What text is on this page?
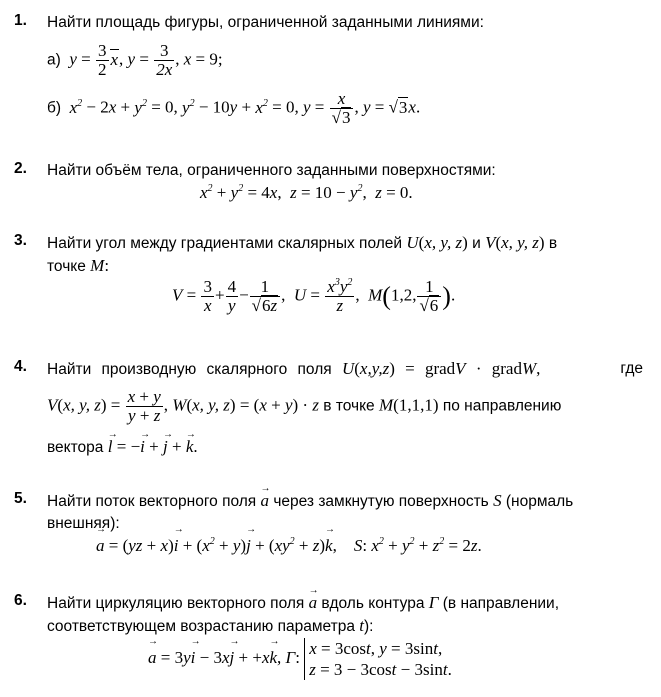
1. Найти площадь фигуры, ограниченной заданными линиями:
а)  $y = \frac{3}{2} x$, $y = \frac{3}{2x}$ , x = 9;
б)  $x^2 - 2x + y^2 = 0$, $y^2 - 10y + x^2 = 0$, $y = \frac{x}{√3}$ , y = √3x.
2. Найти объём тела, ограниченного заданными поверхностями:
$x^2 + y^2 = 4x$,  $z = 10 - y^2$,  z = 0.
3. Найти угол между градиентами скалярных полей U(x, y, z) и V(x, y, z) в
точке M:
$V = \frac{3}{x} + \frac{4}{y} - \frac{1}{√6z}$ ,  $U = \frac{x^3y^2}{z}$ ,  M(1,2, $\frac{1}{√6}$ ).
4. Найти производную скалярного поля U(x,y,z) = gradV · gradW,	где
V(x, y, $z) = \frac{x + y}{y + z}$ , W(x, y, z) = (x + y) · z в точке M(1,1,1) по направлению
вектора → l = −→ i + → j + → k.
5. Найти поток векторного поля → a через замкнутую поверхность S (нормаль
внешняя):
→ $a = (yz + x)\to i + (x^2 + y)\to j + (xy^2 + z)\to k$,    S: $x^2 + y^2 + z^2 = 2z$.
6. Найти циркуляцию векторного поля → a вдоль контура Γ (в направлении,
соответствующем возрастанию параметра t):
→ a = 3y→ i − 3x→ j + +x→ k, Γ: x = 3cost, y = 3sint,
z = 3 − 3cost − 3sint.
